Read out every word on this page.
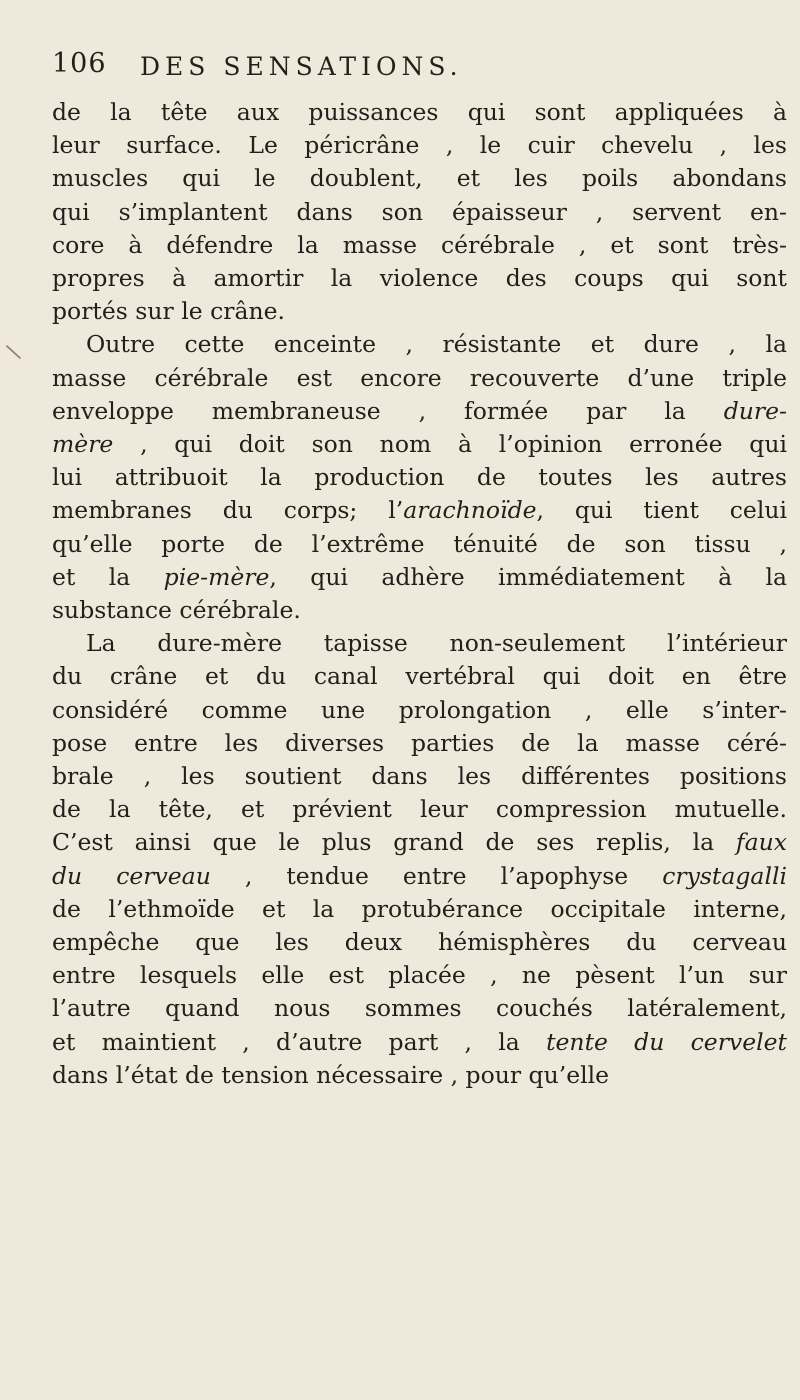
106 DES SENSATIONS.
\
de la tête aux puissances qui sont appliquées à
leur surface. Le péricrâne , le cuir chevelu , les
muscles qui le doublent, et les poils abondans
qui s’implantent dans son épaisseur , servent en-
core à défendre la masse cérébrale , et sont très-
propres à amortir la violence des coups qui sont
portés sur le crâne.
Outre cette enceinte , résistante et dure , la
masse cérébrale est encore recouverte d’une triple
enveloppe membraneuse , formée par la dure-
mère , qui doit son nom à l’opinion erronée qui
lui attribuoit la production de toutes les autres
membranes du corps; l’arachnoïde, qui tient celui
qu’elle porte de l’extrême ténuité de son tissu ,
et la pie-mère, qui adhère immédiatement à la
substance cérébrale.
La dure-mère tapisse non-seulement l’intérieur
du crâne et du canal vertébral qui doit en être
considéré comme une prolongation , elle s’inter-
pose entre les diverses parties de la masse céré-
brale , les soutient dans les différentes positions
de la tête, et prévient leur compression mutuelle.
C’est ainsi que le plus grand de ses replis, la faux
du cerveau , tendue entre l’apophyse crystagalli
de l’ethmoïde et la protubérance occipitale interne,
empêche que les deux hémisphères du cerveau
entre lesquels elle est placée , ne pèsent l’un sur
l’autre quand nous sommes couchés latéralement,
et maintient , d’autre part , la tente du cervelet
dans l’état de tension nécessaire , pour qu’elle
